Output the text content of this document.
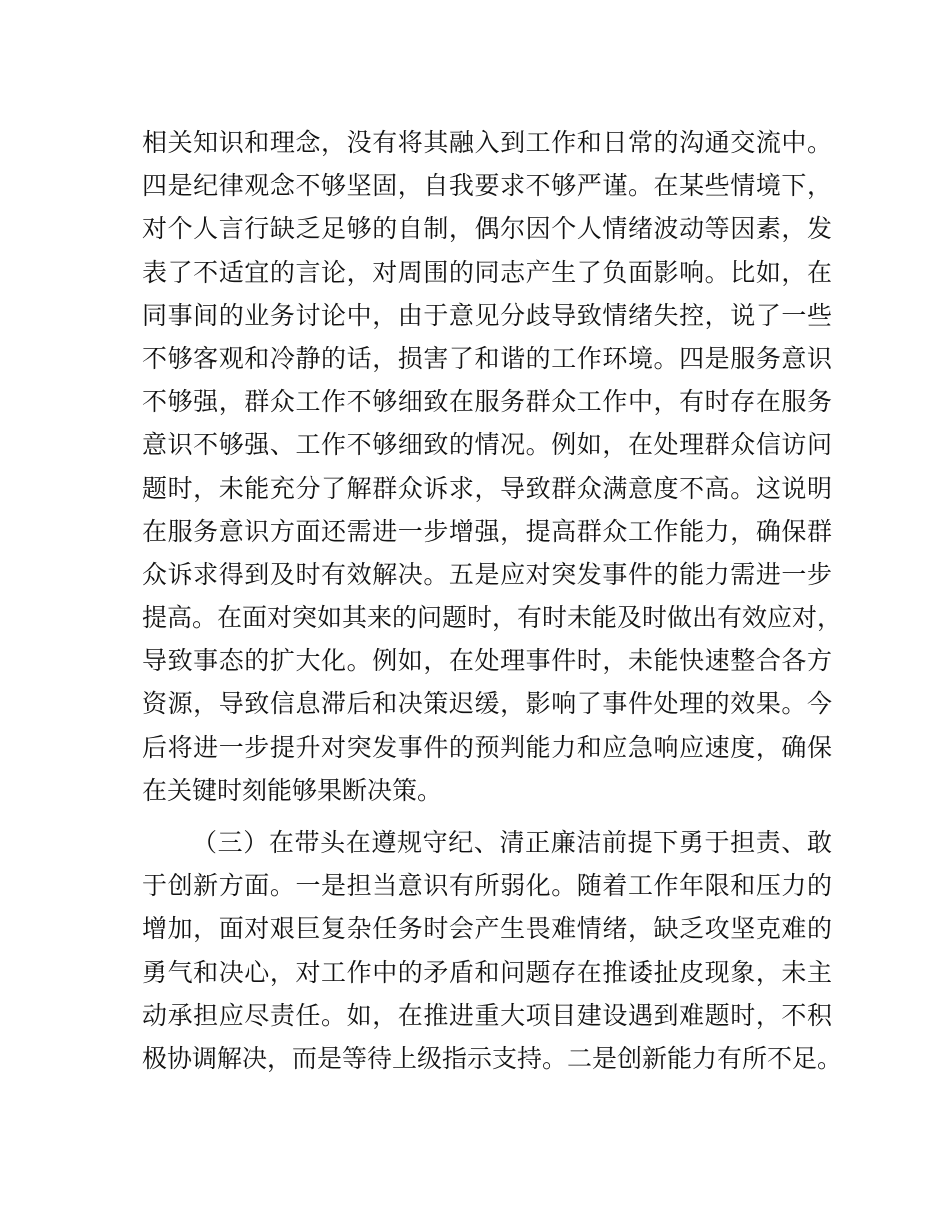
相关知识和理念，没有将其融入到工作和日常的沟通交流中。
四是纪律观念不够坚固，自我要求不够严谨。在某些情境下，
对个人言行缺乏足够的自制，偶尔因个人情绪波动等因素，发
表了不适宜的言论，对周围的同志产生了负面影响。比如，在
同事间的业务讨论中，由于意见分歧导致情绪失控，说了一些
不够客观和冷静的话，损害了和谐的工作环境。四是服务意识
不够强，群众工作不够细致在服务群众工作中，有时存在服务
意识不够强、工作不够细致的情况。例如，在处理群众信访问
题时，未能充分了解群众诉求，导致群众满意度不高。这说明
在服务意识方面还需进一步增强，提高群众工作能力，确保群
众诉求得到及时有效解决。五是应对突发事件的能力需进一步
提高。在面对突如其来的问题时，有时未能及时做出有效应对，
导致事态的扩大化。例如，在处理事件时，未能快速整合各方
资源，导致信息滞后和决策迟缓，影响了事件处理的效果。今
后将进一步提升对突发事件的预判能力和应急响应速度，确保
在关键时刻能够果断决策。
（三）在带头在遵规守纪、清正廉洁前提下勇于担责、敢
于创新方面。一是担当意识有所弱化。随着工作年限和压力的
增加，面对艰巨复杂任务时会产生畏难情绪，缺乏攻坚克难的
勇气和决心，对工作中的矛盾和问题存在推诿扯皮现象，未主
动承担应尽责任。如，在推进重大项目建设遇到难题时，不积
极协调解决，而是等待上级指示支持。二是创新能力有所不足。
